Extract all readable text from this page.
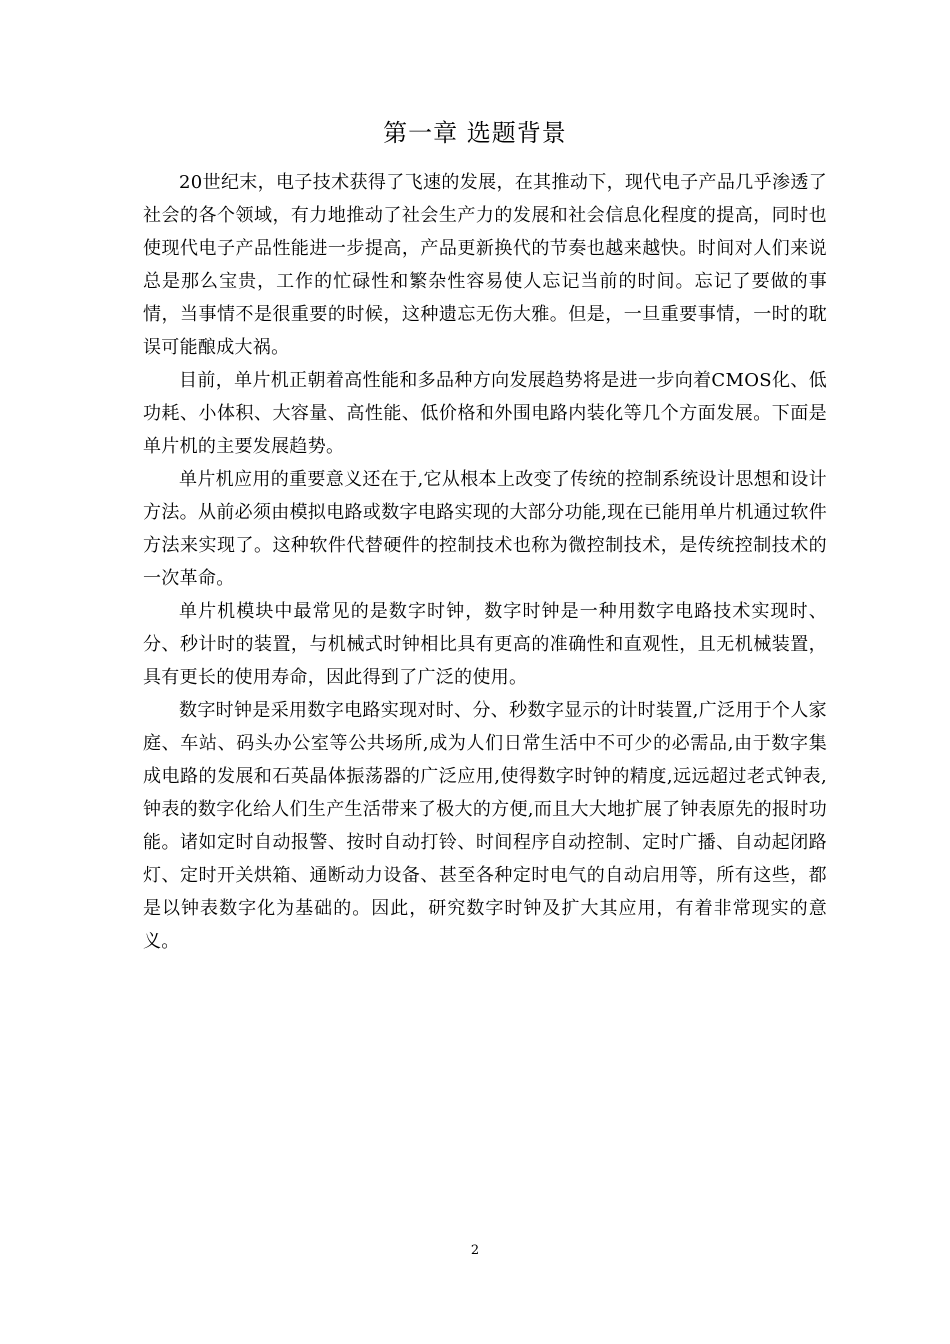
第一章 选题背景

20世纪末，电子技术获得了飞速的发展，在其推动下，现代电子产品几乎渗透了社会的各个领域，有力地推动了社会生产力的发展和社会信息化程度的提高，同时也使现代电子产品性能进一步提高，产品更新换代的节奏也越来越快。时间对人们来说总是那么宝贵，工作的忙碌性和繁杂性容易使人忘记当前的时间。忘记了要做的事情，当事情不是很重要的时候，这种遗忘无伤大雅。但是，一旦重要事情，一时的耽误可能酿成大祸。

目前，单片机正朝着高性能和多品种方向发展趋势将是进一步向着CMOS化、低功耗、小体积、大容量、高性能、低价格和外围电路内装化等几个方面发展。下面是单片机的主要发展趋势。

单片机应用的重要意义还在于,它从根本上改变了传统的控制系统设计思想和设计方法。从前必须由模拟电路或数字电路实现的大部分功能,现在已能用单片机通过软件方法来实现了。这种软件代替硬件的控制技术也称为微控制技术，是传统控制技术的一次革命。

单片机模块中最常见的是数字时钟，数字时钟是一种用数字电路技术实现时、分、秒计时的装置，与机械式时钟相比具有更高的准确性和直观性，且无机械装置，具有更长的使用寿命，因此得到了广泛的使用。

数字时钟是采用数字电路实现对时、分、秒数字显示的计时装置,广泛用于个人家庭、车站、码头办公室等公共场所,成为人们日常生活中不可少的必需品,由于数字集成电路的发展和石英晶体振荡器的广泛应用,使得数字时钟的精度,远远超过老式钟表, 钟表的数字化给人们生产生活带来了极大的方便,而且大大地扩展了钟表原先的报时功能。诸如定时自动报警、按时自动打铃、时间程序自动控制、定时广播、自动起闭路灯、定时开关烘箱、通断动力设备、甚至各种定时电气的自动启用等，所有这些，都是以钟表数字化为基础的。因此，研究数字时钟及扩大其应用，有着非常现实的意义。

2
